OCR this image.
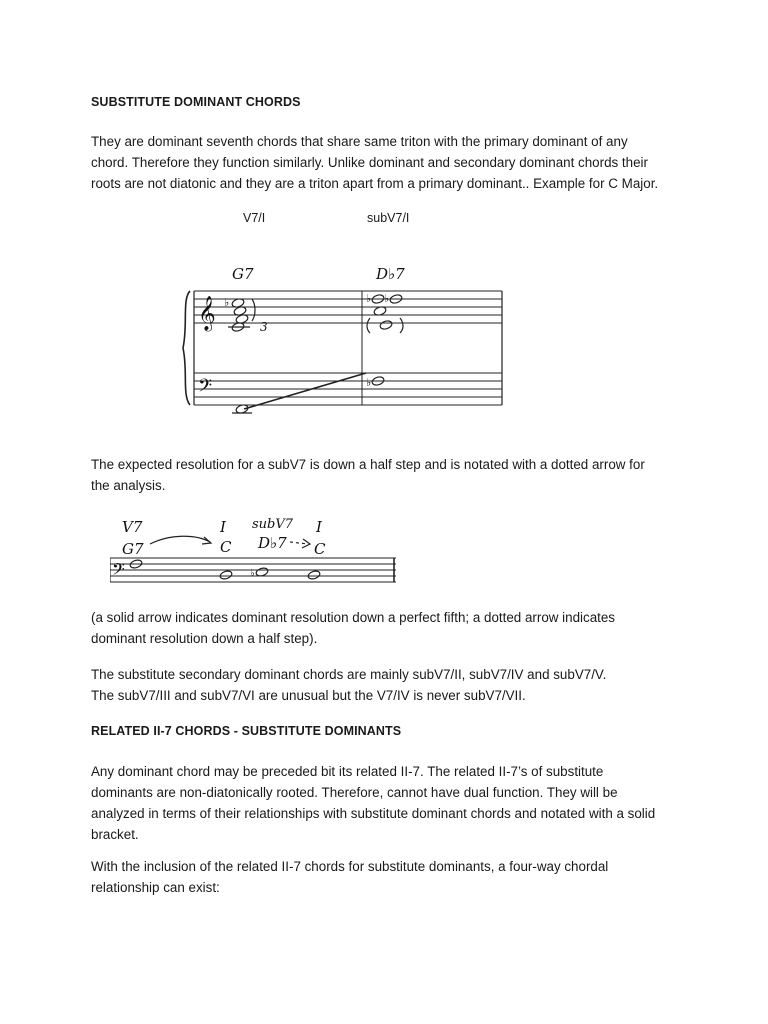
SUBSTITUTE DOMINANT CHORDS
They are dominant seventh chords that share same triton with the primary dominant of any
chord. Therefore they function similarly. Unlike dominant and secondary dominant chords their
roots are not diatonic and they are a triton apart from a primary dominant.. Example for C Major.
V7/I	subV7/I
𝄞
𝄢
G7	D♭7
♭
3
♭ ♭
♭
The expected resolution for a subV7 is down a half step and is notated with a dotted arrow for
the analysis.
V7	I subV7 I
G7	C D♭7 C
𝄢	♭
(a solid arrow indicates dominant resolution down a perfect fifth; a dotted arrow indicates
dominant resolution down a half step).
The substitute secondary dominant chords are mainly subV7/II, subV7/IV and subV7/V.
The subV7/III and subV7/VI are unusual but the V7/IV is never subV7/VII.
RELATED II-7 CHORDS - SUBSTITUTE DOMINANTS
Any dominant chord may be preceded bit its related II-7. The related II-7’s of substitute
dominants are non-diatonically rooted. Therefore, cannot have dual function. They will be
analyzed in terms of their relationships with substitute dominant chords and notated with a solid
bracket.
With the inclusion of the related II-7 chords for substitute dominants, a four-way chordal
relationship can exist:
